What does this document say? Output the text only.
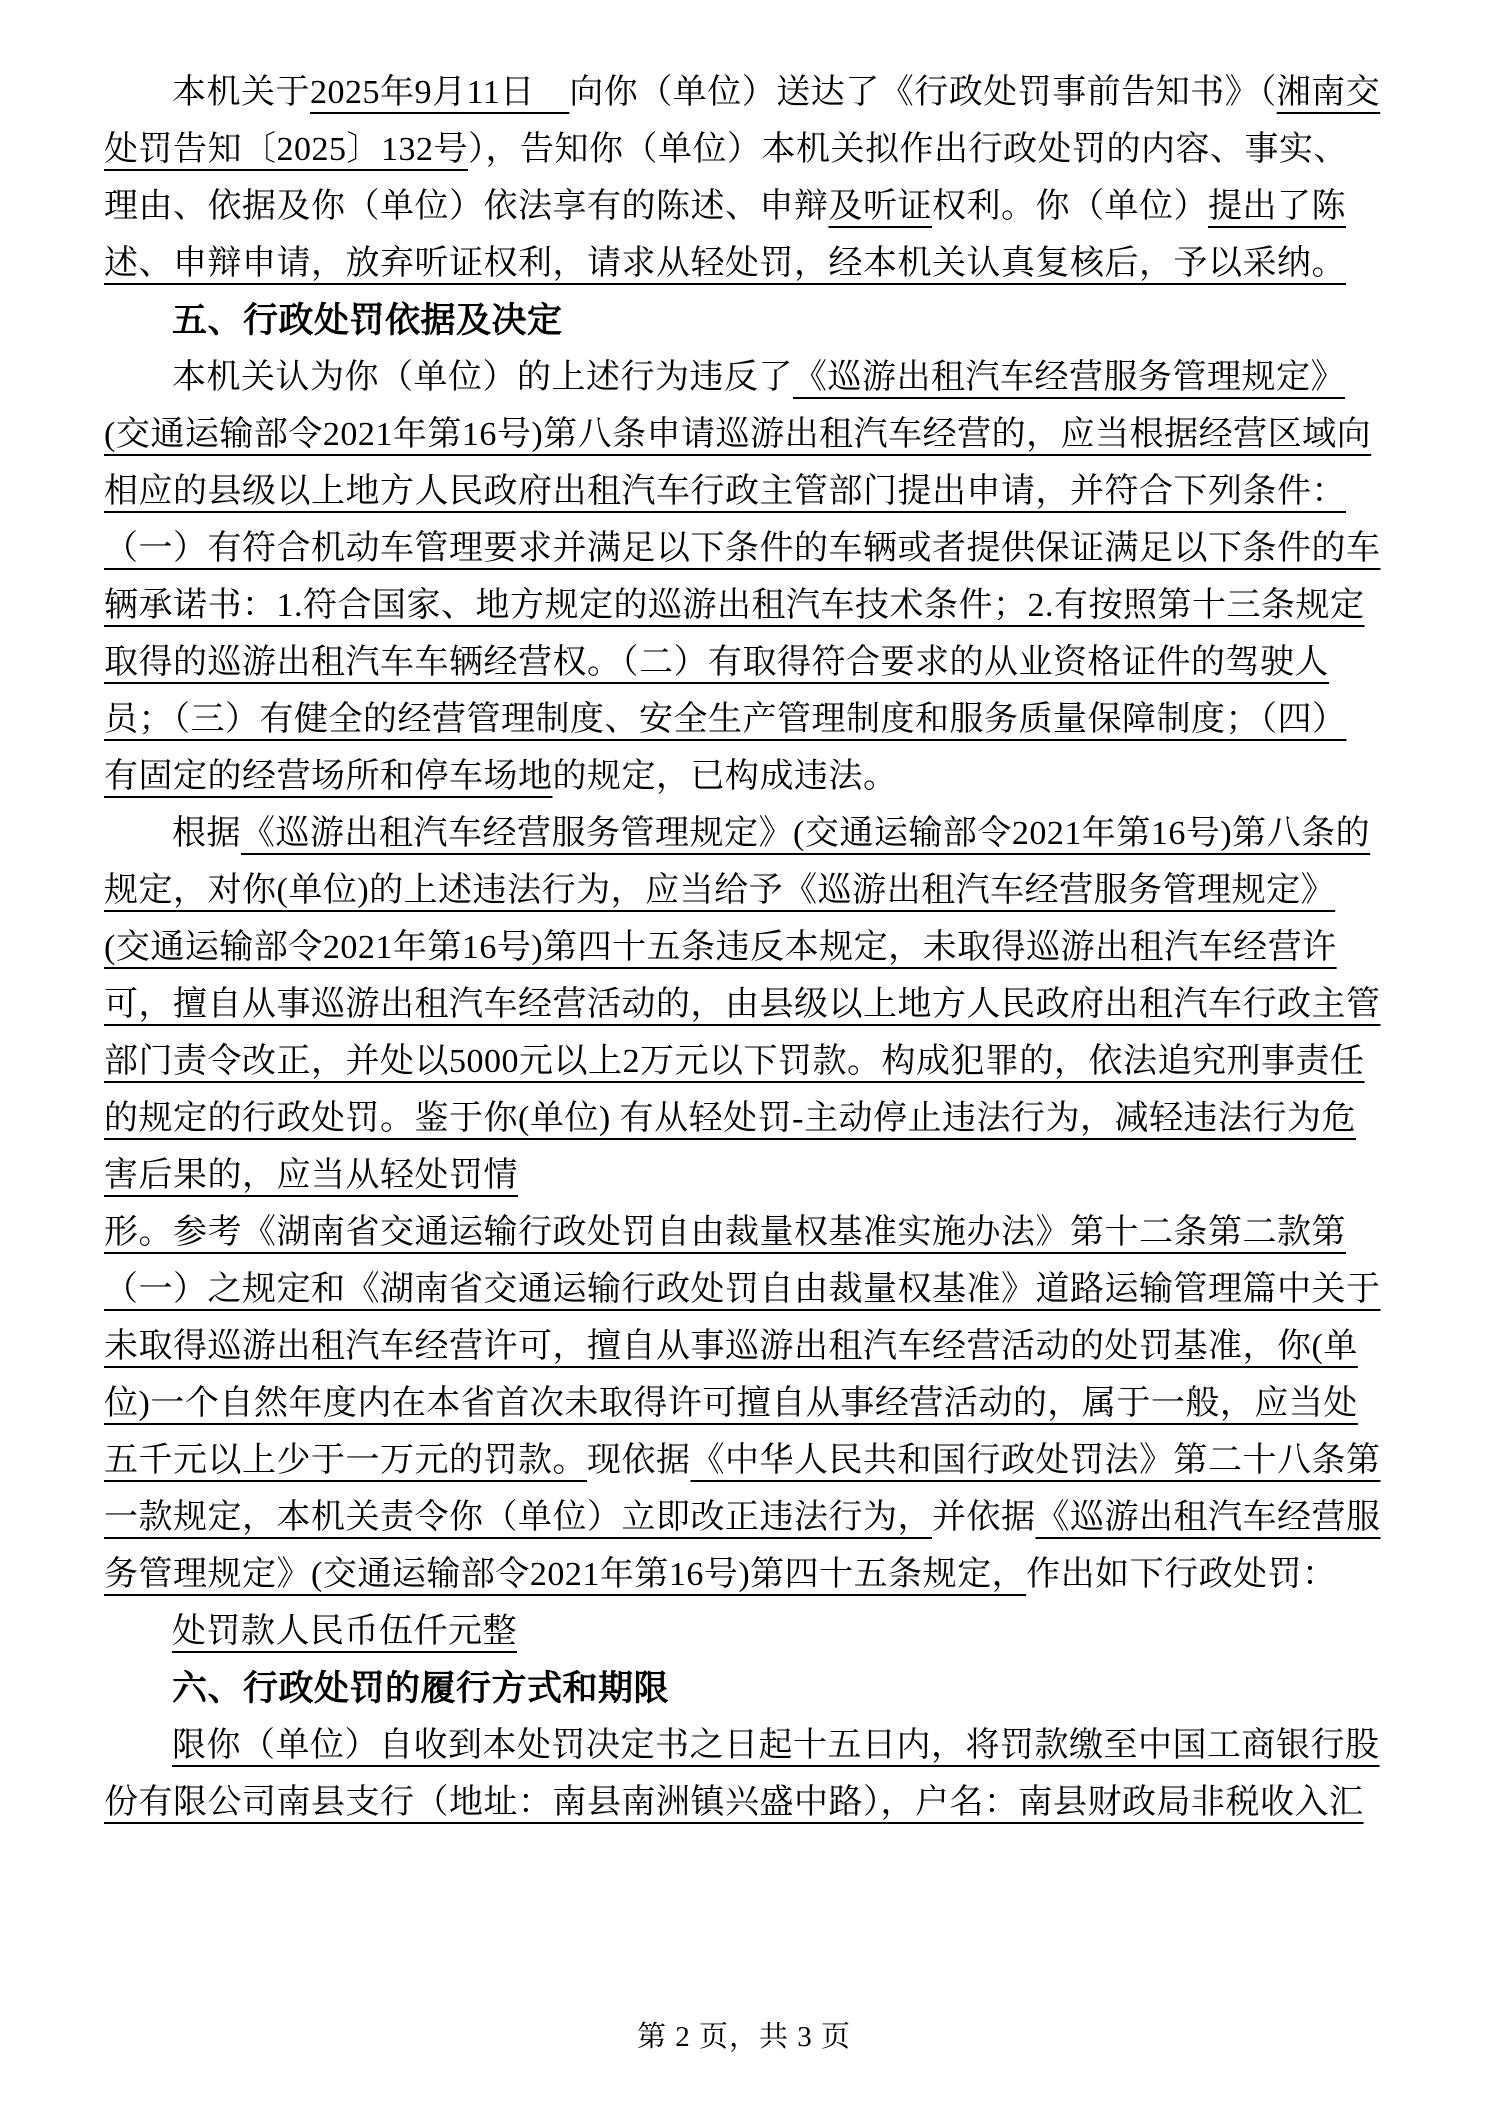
本机关于2025年9月11日　向你（单位）送达了《行政处罚事前告知书》（湘南交
处罚告知〔2025〕132号），告知你（单位）本机关拟作出行政处罚的内容、事实、
理由、依据及你（单位）依法享有的陈述、申辩及听证权利。你（单位）提出了陈
述、申辩申请，放弃听证权利，请求从轻处罚，经本机关认真复核后，予以采纳。
五、行政处罚依据及决定
本机关认为你（单位）的上述行为违反了《巡游出租汽车经营服务管理规定》
(交通运输部令2021年第16号)第八条申请巡游出租汽车经营的，应当根据经营区域向
相应的县级以上地方人民政府出租汽车行政主管部门提出申请，并符合下列条件：
（一）有符合机动车管理要求并满足以下条件的车辆或者提供保证满足以下条件的车
辆承诺书：1.符合国家、地方规定的巡游出租汽车技术条件；2.有按照第十三条规定
取得的巡游出租汽车车辆经营权。（二）有取得符合要求的从业资格证件的驾驶人
员；（三）有健全的经营管理制度、安全生产管理制度和服务质量保障制度；（四）
有固定的经营场所和停车场地的规定，已构成违法。
根据《巡游出租汽车经营服务管理规定》(交通运输部令2021年第16号)第八条的
规定，对你(单位)的上述违法行为，应当给予《巡游出租汽车经营服务管理规定》
(交通运输部令2021年第16号)第四十五条违反本规定，未取得巡游出租汽车经营许
可，擅自从事巡游出租汽车经营活动的，由县级以上地方人民政府出租汽车行政主管
部门责令改正，并处以5000元以上2万元以下罚款。构成犯罪的，依法追究刑事责任
的规定的行政处罚。鉴于你(单位) 有从轻处罚-主动停止违法行为，减轻违法行为危
害后果的，应当从轻处罚情
形。参考《湖南省交通运输行政处罚自由裁量权基准实施办法》第十二条第二款第
（一）之规定和《湖南省交通运输行政处罚自由裁量权基准》道路运输管理篇中关于
未取得巡游出租汽车经营许可，擅自从事巡游出租汽车经营活动的处罚基准，你(单
位)一个自然年度内在本省首次未取得许可擅自从事经营活动的，属于一般，应当处
五千元以上少于一万元的罚款。现依据《中华人民共和国行政处罚法》第二十八条第
一款规定，本机关责令你（单位）立即改正违法行为，并依据《巡游出租汽车经营服
务管理规定》(交通运输部令2021年第16号)第四十五条规定，作出如下行政处罚：
处罚款人民币伍仟元整
六、行政处罚的履行方式和期限
限你（单位）自收到本处罚决定书之日起十五日内，将罚款缴至中国工商银行股
份有限公司南县支行（地址：南县南洲镇兴盛中路），户名：南县财政局非税收入汇
第 2 页，共 3 页
